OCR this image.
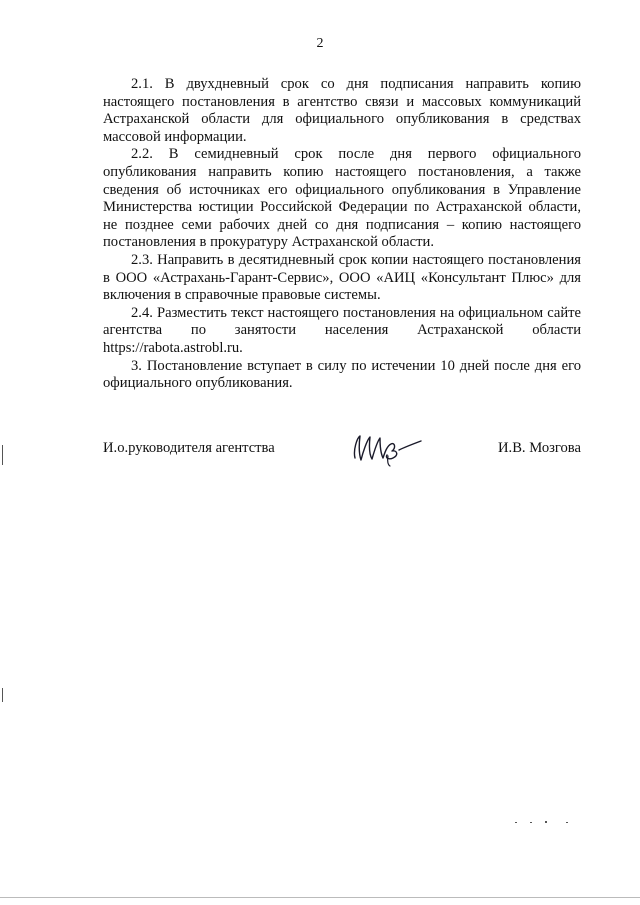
2

2.1. В двухдневный срок со дня подписания направить копию настоящего постановления в агентство связи и массовых коммуникаций Астраханской области для официального опубликования в средствах массовой информации.

2.2. В семидневный срок после дня первого официального опубликования направить копию настоящего постановления, а также сведения об источниках его официального опубликования в Управление Министерства юстиции Российской Федерации по Астраханской области, не позднее семи рабочих дней со дня подписания – копию настоящего постановления в прокуратуру Астраханской области.

2.3. Направить в десятидневный срок копии настоящего постановления в ООО «Астрахань-Гарант-Сервис», ООО «АИЦ «Консультант Плюс» для включения в справочные правовые системы.

2.4. Разместить текст настоящего постановления на официальном сайте агентства по занятости населения Астраханской области https://rabota.astrobl.ru.

3. Постановление вступает в силу по истечении 10 дней после дня его официального опубликования.

И.о.руководителя агентства	И.В. Мозгова
